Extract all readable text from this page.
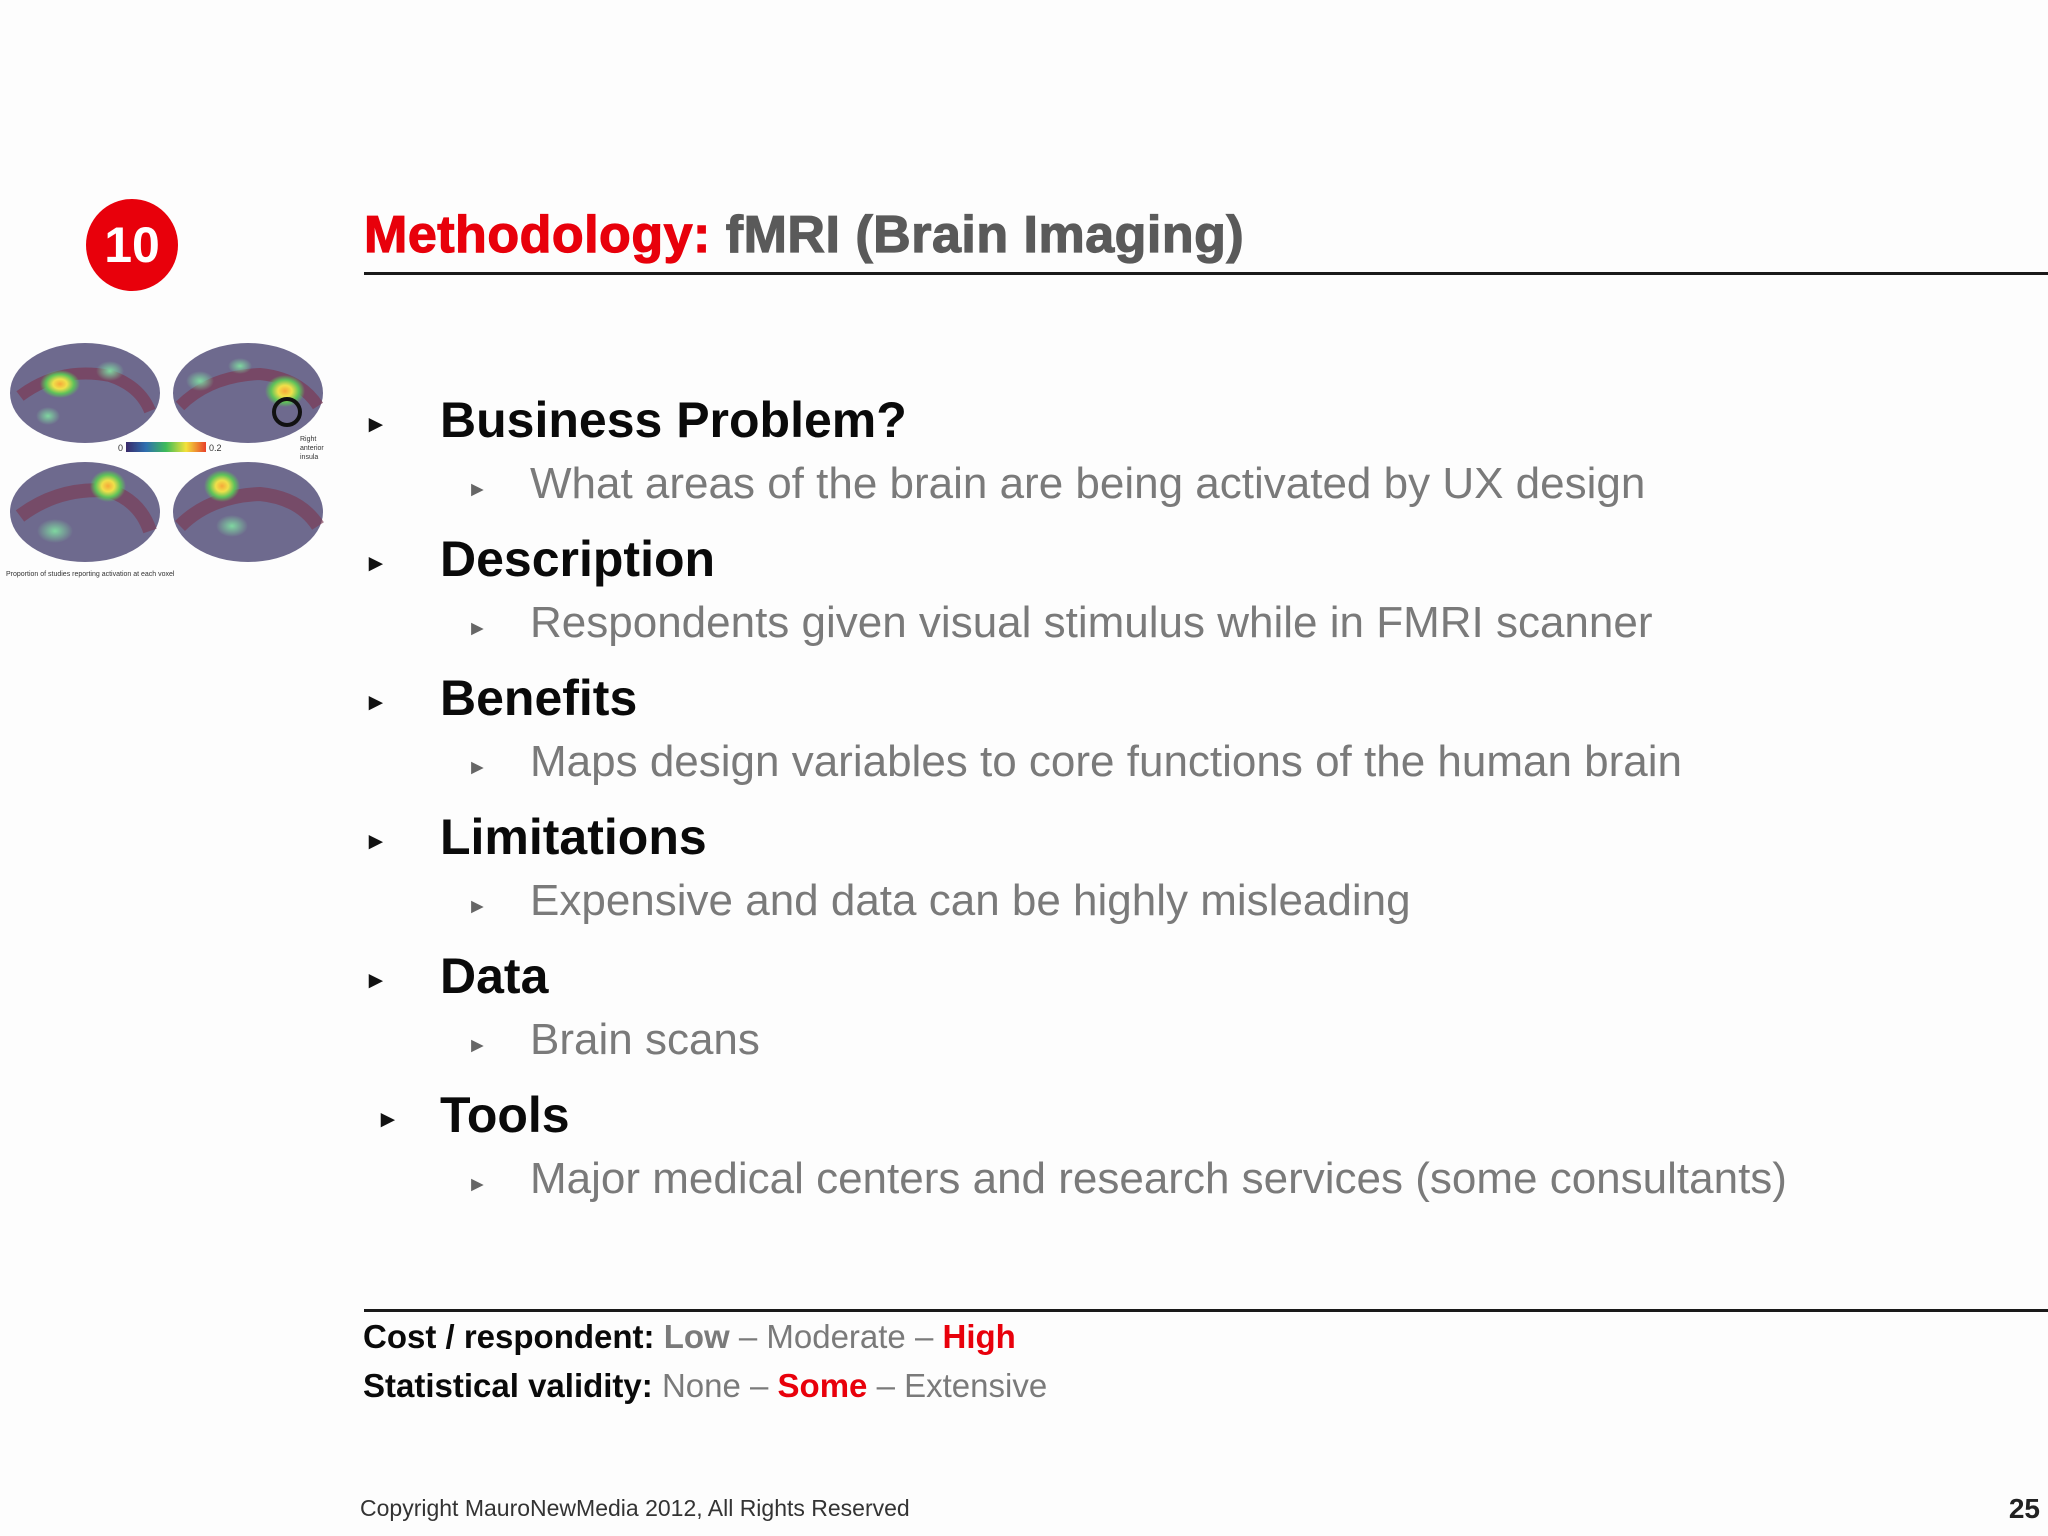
10	Methodology: fMRI (Brain Imaging)
0	0.2
Right anterior insula
Proportion of studies reporting activation at each voxel
► Business Problem?
► What areas of the brain are being activated by UX design
► Description
► Respondents given visual stimulus while in FMRI scanner
► Benefits
► Maps design variables to core functions of the human brain
► Limitations
► Expensive and data can be highly misleading
► Data
► Brain scans
► Tools
► Major medical centers and research services (some consultants)
Cost / respondent: Low – Moderate – High
Statistical validity: None – Some – Extensive
Copyright MauroNewMedia 2012, All Rights Reserved	25
